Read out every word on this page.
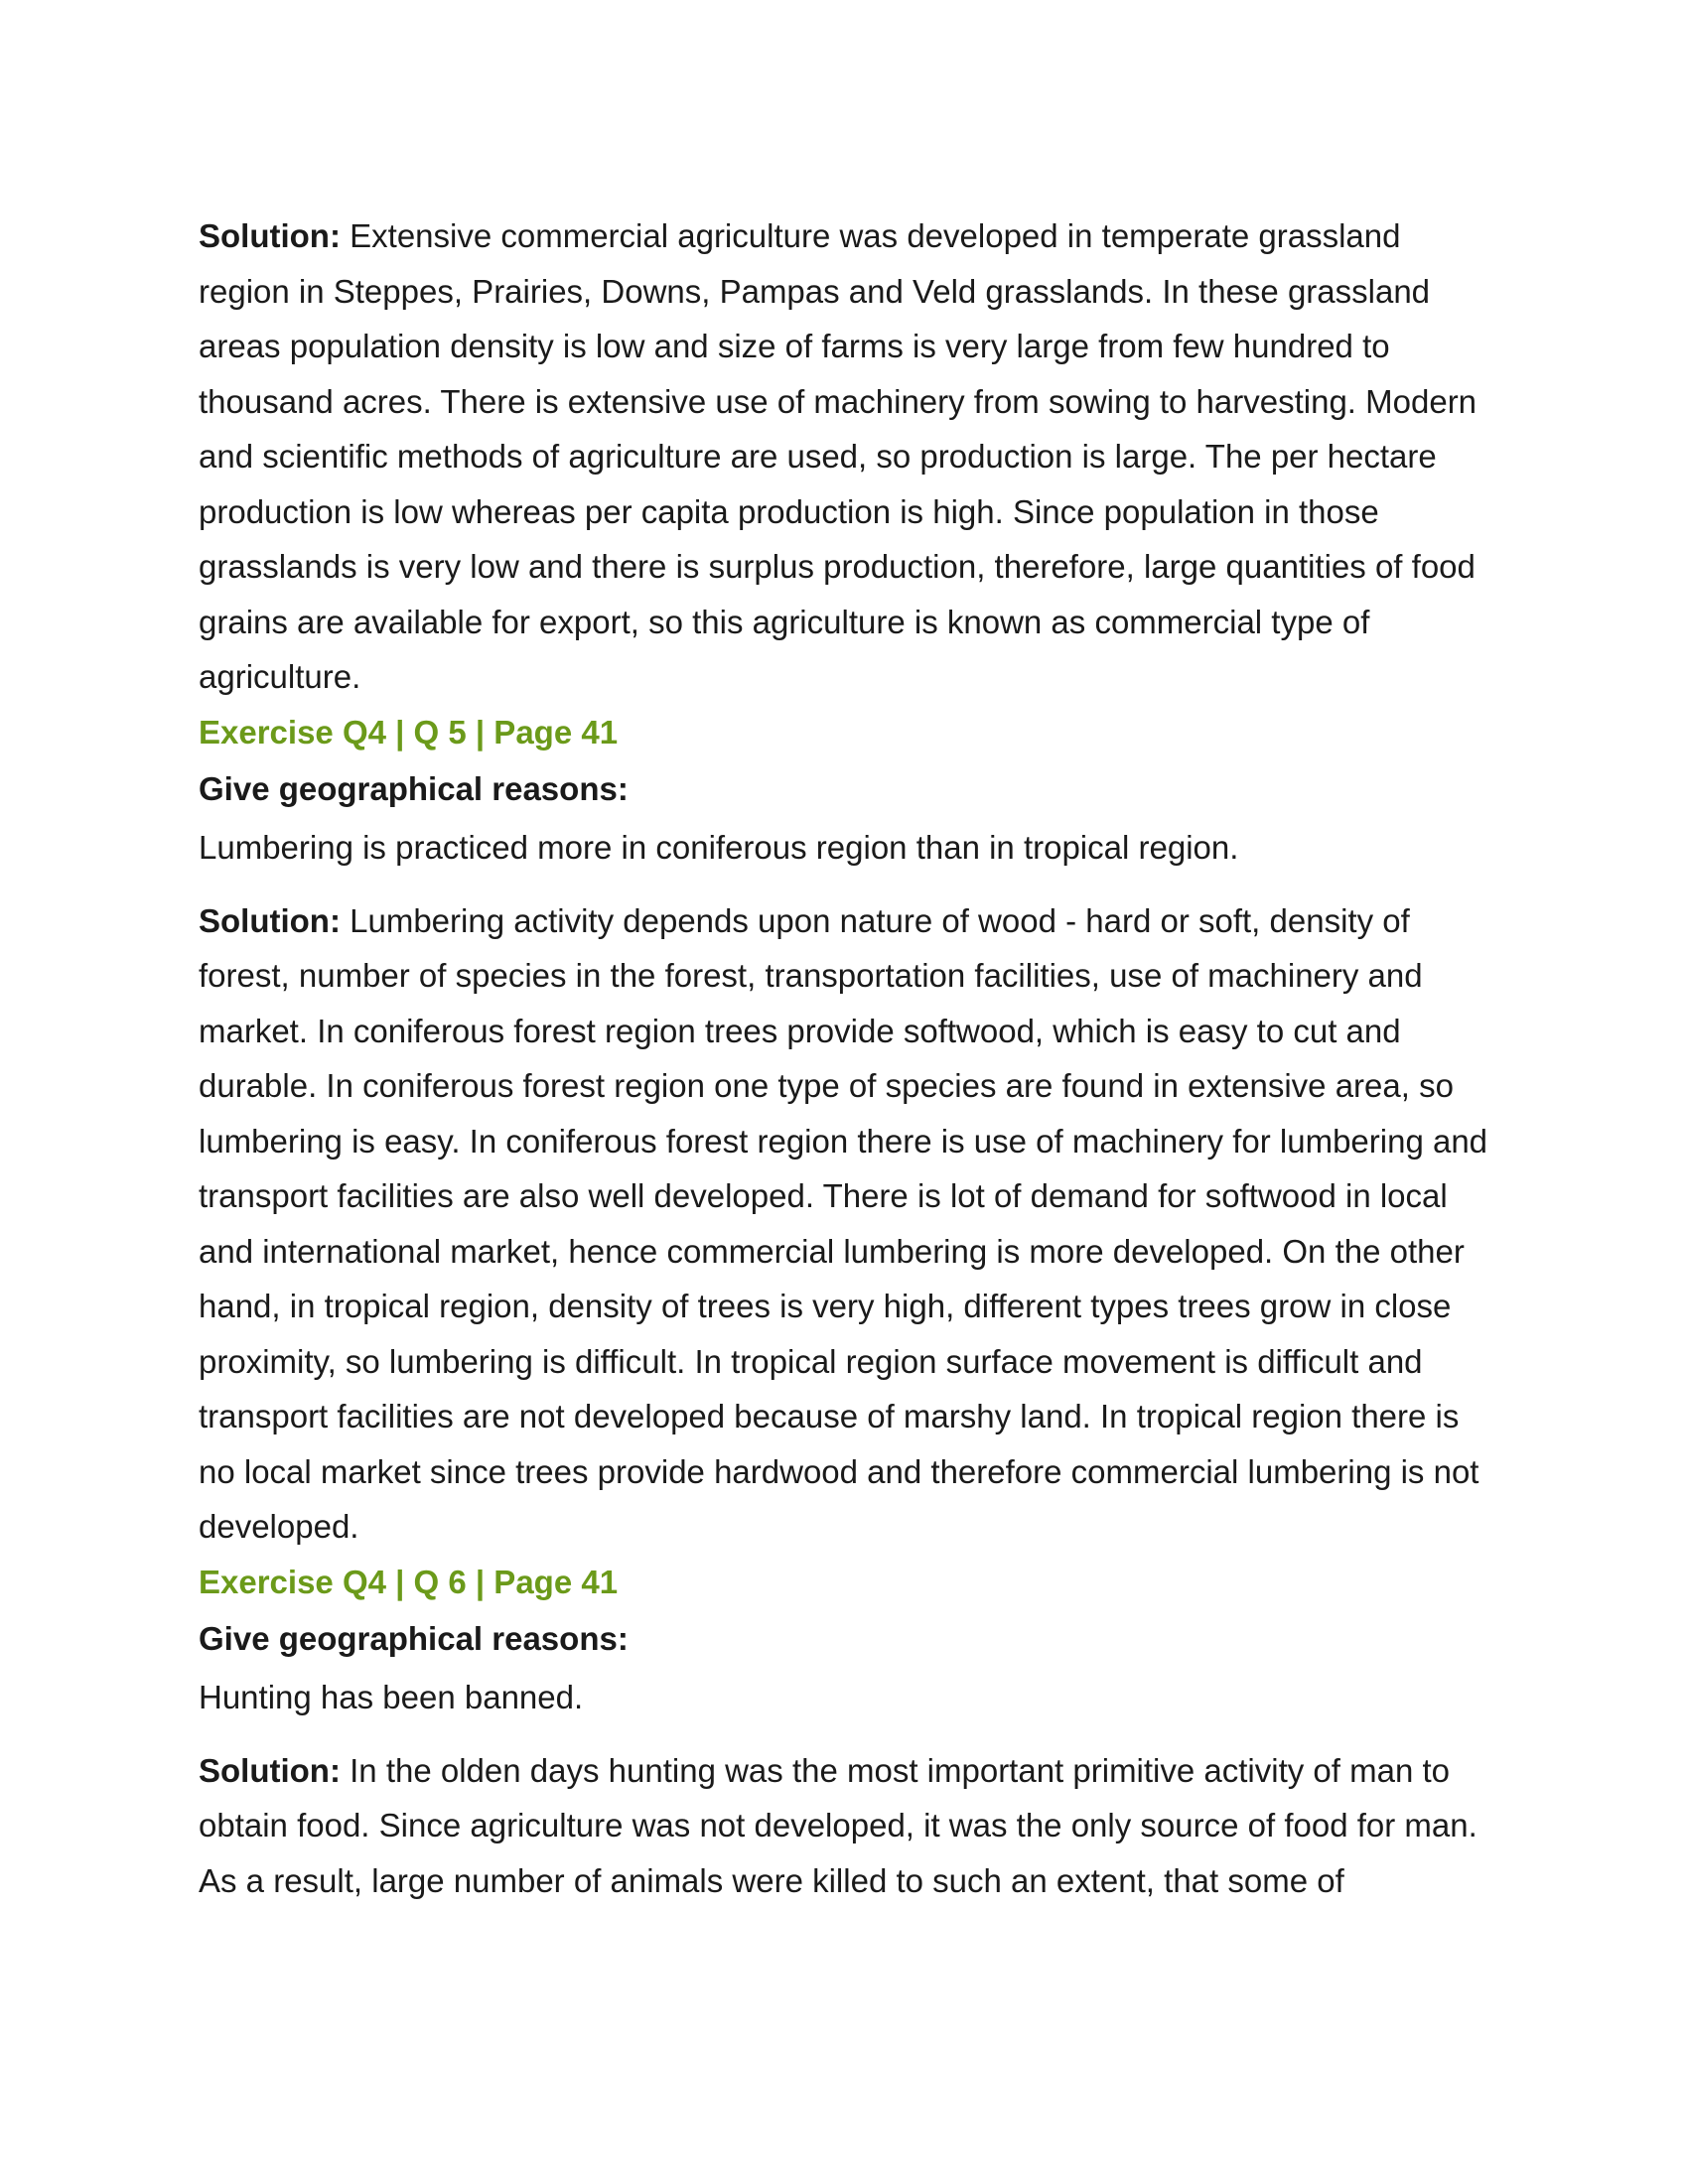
Solution: Extensive commercial agriculture was developed in temperate grassland region in Steppes, Prairies, Downs, Pampas and Veld grasslands. In these grassland areas population density is low and size of farms is very large from few hundred to thousand acres. There is extensive use of machinery from sowing to harvesting. Modern and scientific methods of agriculture are used, so production is large. The per hectare production is low whereas per capita production is high. Since population in those grasslands is very low and there is surplus production, therefore, large quantities of food grains are available for export, so this agriculture is known as commercial type of agriculture.

Exercise Q4 | Q 5 | Page 41

Give geographical reasons:

Lumbering is practiced more in coniferous region than in tropical region.

Solution: Lumbering activity depends upon nature of wood - hard or soft, density of forest, number of species in the forest, transportation facilities, use of machinery and market. In coniferous forest region trees provide softwood, which is easy to cut and durable. In coniferous forest region one type of species are found in extensive area, so lumbering is easy. In coniferous forest region there is use of machinery for lumbering and transport facilities are also well developed. There is lot of demand for softwood in local and international market, hence commercial lumbering is more developed. On the other hand, in tropical region, density of trees is very high, different types trees grow in close proximity, so lumbering is difficult. In tropical region surface movement is difficult and transport facilities are not developed because of marshy land. In tropical region there is no local market since trees provide hardwood and therefore commercial lumbering is not developed.

Exercise Q4 | Q 6 | Page 41

Give geographical reasons:

Hunting has been banned.

Solution: In the olden days hunting was the most important primitive activity of man to obtain food. Since agriculture was not developed, it was the only source of food for man. As a result, large number of animals were killed to such an extent, that some of
